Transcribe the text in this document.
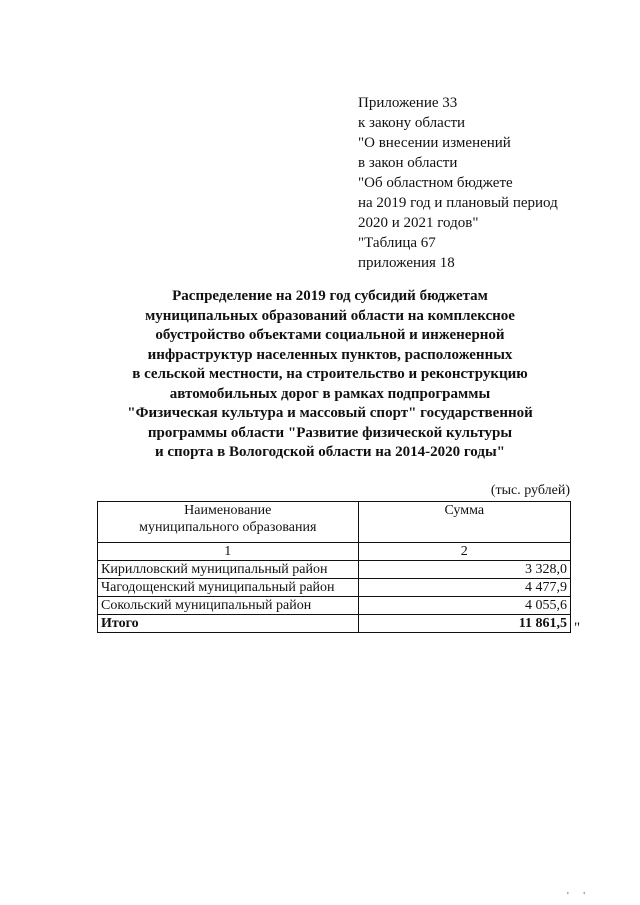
Приложение 33
к закону области
"О внесении изменений
в закон области
"Об областном бюджете
на 2019 год и плановый период
2020 и 2021 годов"
"Таблица 67
приложения 18
Распределение на 2019 год субсидий бюджетам
муниципальных образований области на комплексное
обустройство объектами социальной и инженерной
инфраструктур населенных пунктов, расположенных
в сельской местности, на строительство и реконструкцию
автомобильных дорог в рамках подпрограммы
"Физическая культура и массовый спорт" государственной
программы области "Развитие физической культуры
и спорта в Вологодской области на 2014-2020 годы"
(тыс. рублей)
Наименование
муниципального образования	Сумма
1	2
Кирилловский муниципальный район	3 328,0
Чагодощенский муниципальный район	4 477,9
Сокольский муниципальный район	4 055,6
Итого	11 861,5 "
' '
